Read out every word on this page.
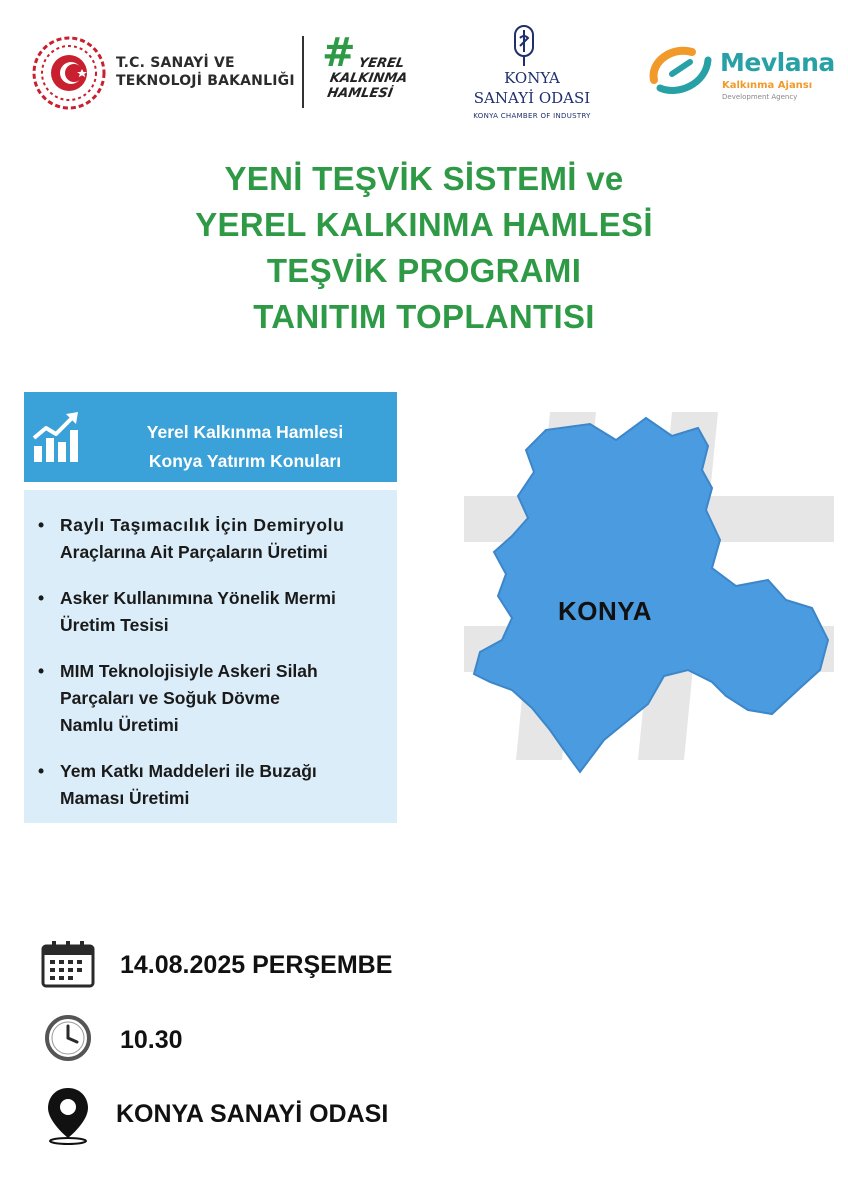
T.C. SANAYİ VE
TEKNOLOJİ BAKANLIĞI
# YEREL
KALKINMA
HAMLESİ
KONYA
SANAYİ ODASI
KONYA CHAMBER OF INDUSTRY
Mevlana
Kalkınma Ajansı
Development Agency
YENİ TEŞVİK SİSTEMİ ve
YEREL KALKINMA HAMLESİ
TEŞVİK PROGRAMI
TANITIM TOPLANTISI
Yerel Kalkınma Hamlesi
Konya Yatırım Konuları
• Raylı Taşımacılık İçin Demiryolu
Araçlarına Ait Parçaların Üretimi
• Asker Kullanımına Yönelik Mermi
Üretim Tesisi
• MIM Teknolojisiyle Askeri Silah
Parçaları ve Soğuk Dövme
Namlu Üretimi
• Yem Katkı Maddeleri ile Buzağı
Maması Üretimi
KONYA
14.08.2025 PERŞEMBE
10.30
KONYA SANAYİ ODASI
